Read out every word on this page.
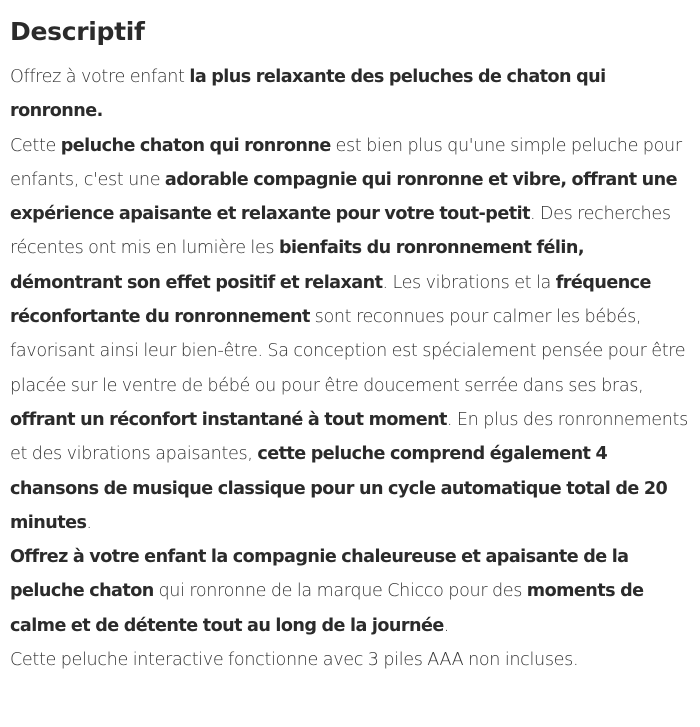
Descriptif

Offrez à votre enfant la plus relaxante des peluches de chaton qui ronronne.

Cette peluche chaton qui ronronne est bien plus qu'une simple peluche pour enfants, c'est une adorable compagnie qui ronronne et vibre, offrant une expérience apaisante et relaxante pour votre tout-petit. Des recherches récentes ont mis en lumière les bienfaits du ronronnement félin, démontrant son effet positif et relaxant. Les vibrations et la fréquence réconfortante du ronronnement sont reconnues pour calmer les bébés, favorisant ainsi leur bien-être. Sa conception est spécialement pensée pour être placée sur le ventre de bébé ou pour être doucement serrée dans ses bras, offrant un réconfort instantané à tout moment. En plus des ronronnements et des vibrations apaisantes, cette peluche comprend également 4 chansons de musique classique pour un cycle automatique total de 20 minutes.

Offrez à votre enfant la compagnie chaleureuse et apaisante de la peluche chaton qui ronronne de la marque Chicco pour des moments de calme et de détente tout au long de la journée.

Cette peluche interactive fonctionne avec 3 piles AAA non incluses.
